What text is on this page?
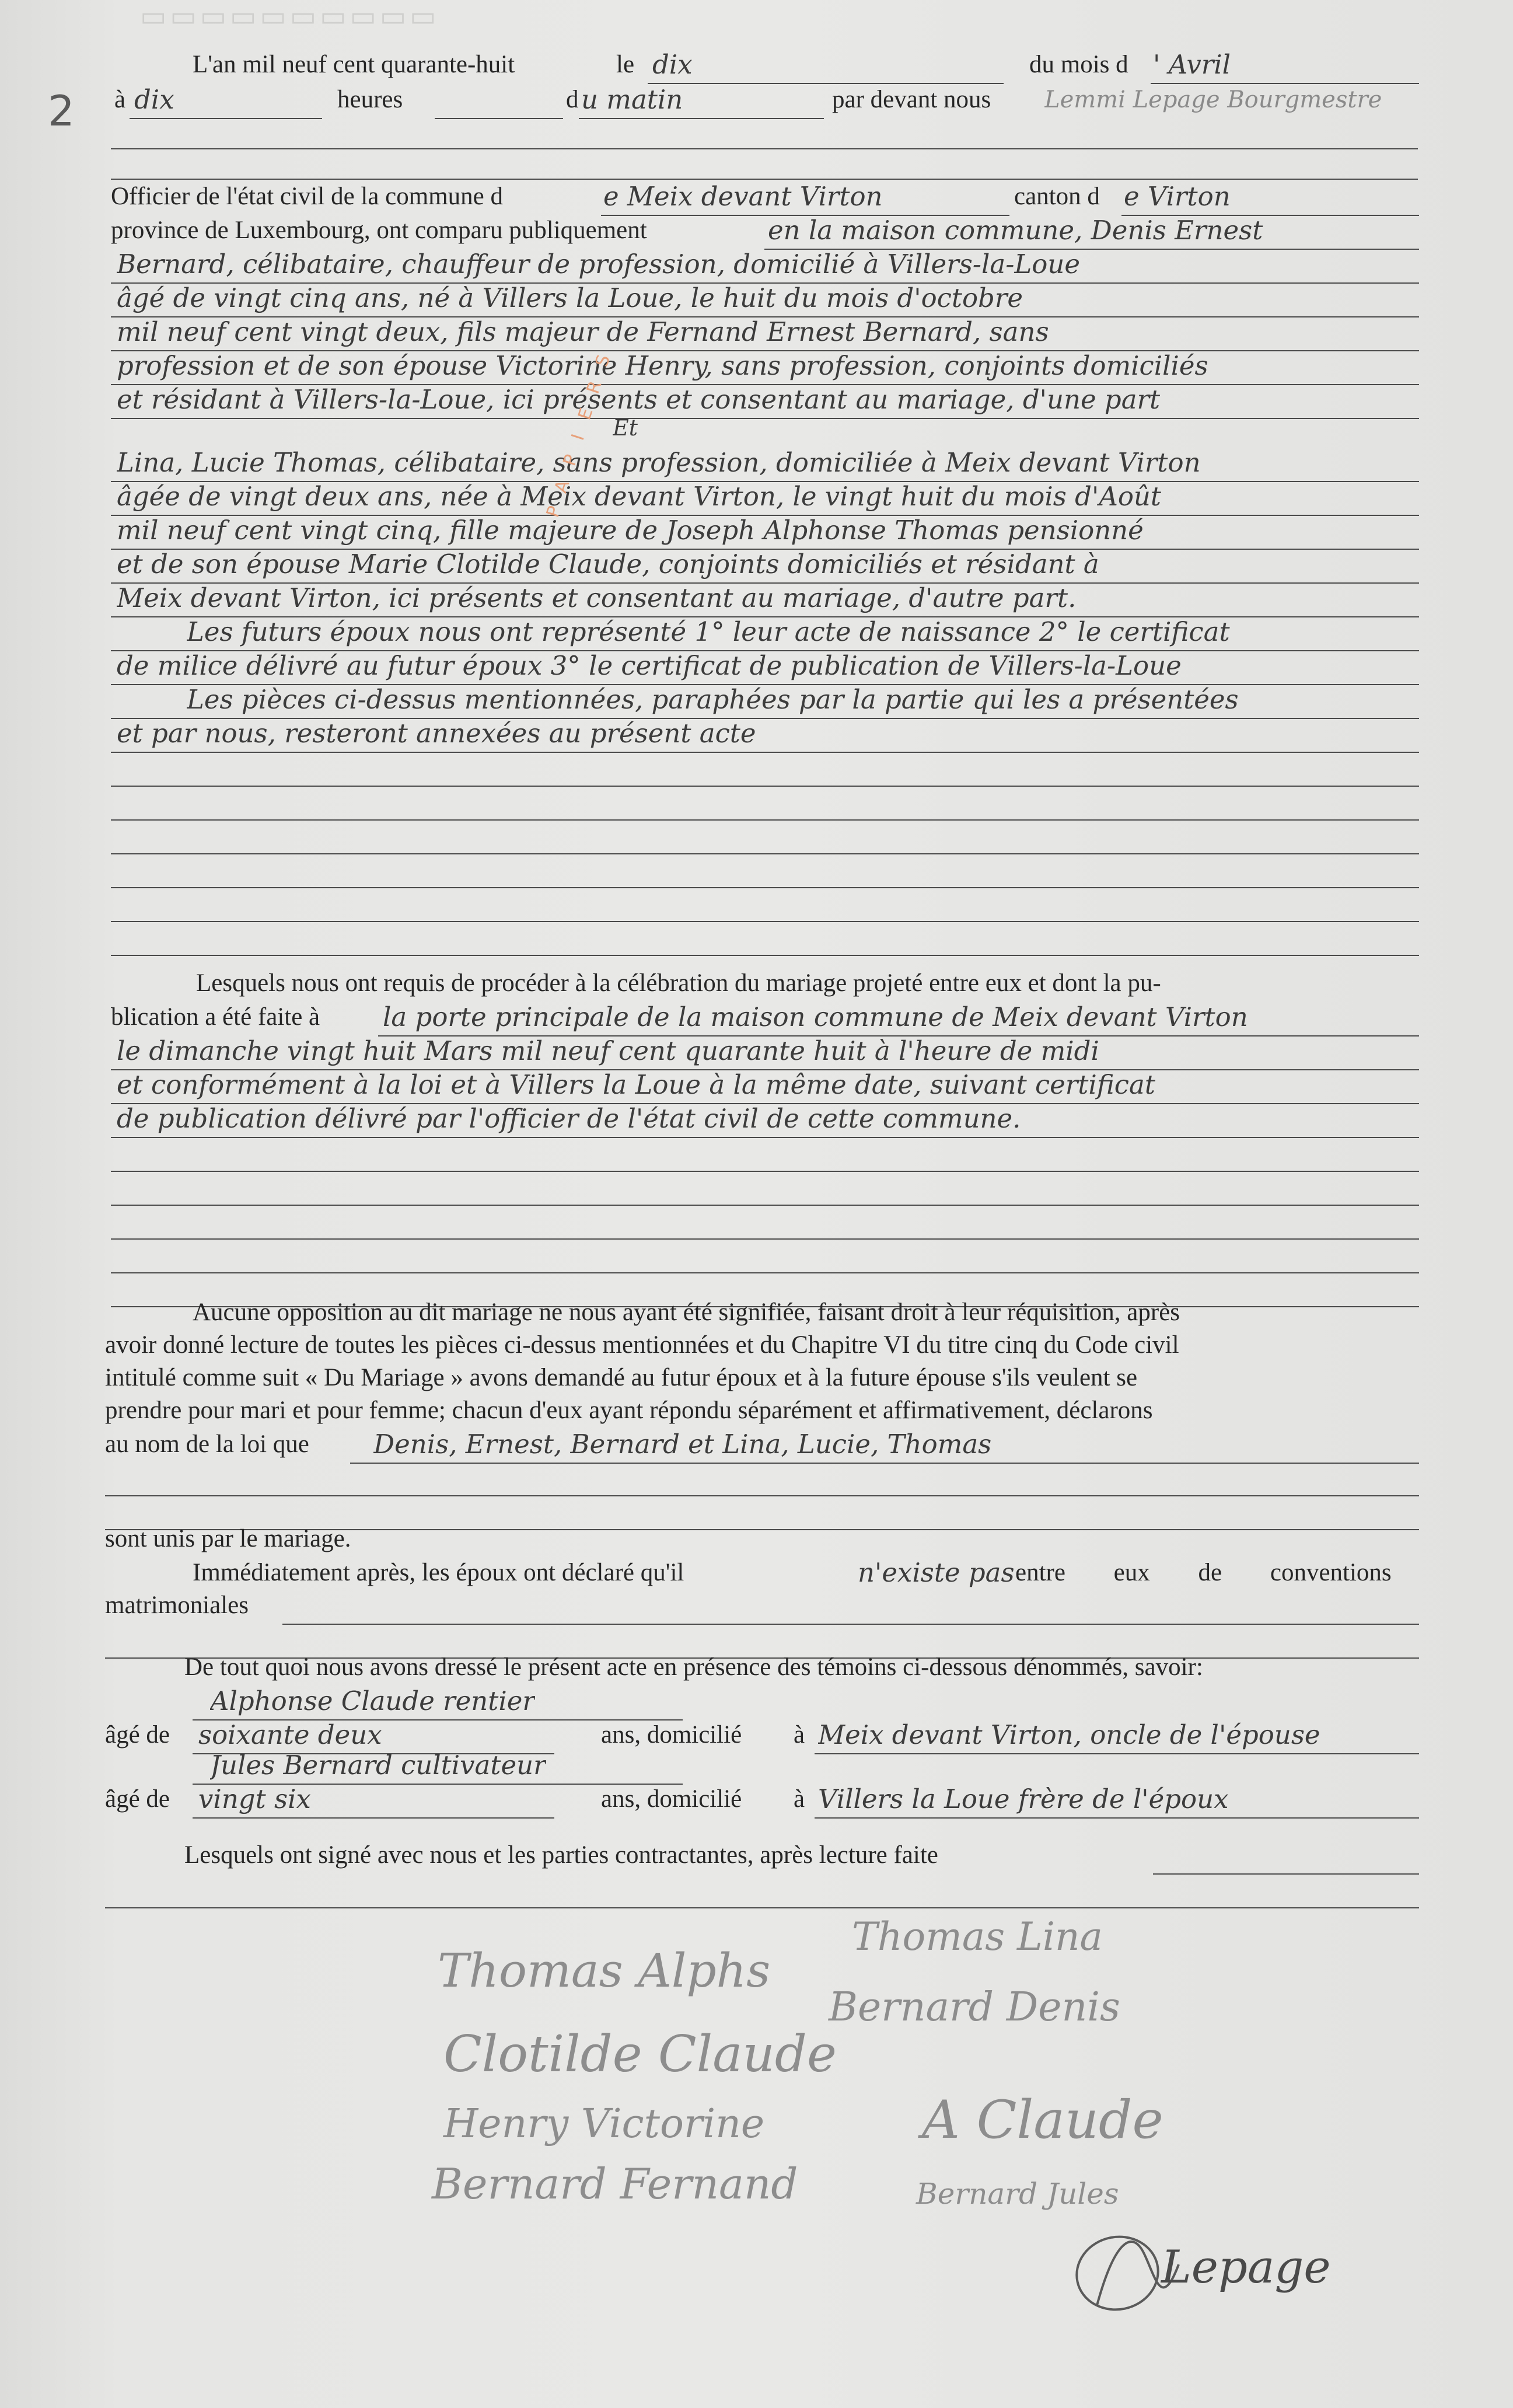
▭▭▭▭▭▭▭▭▭▭
2
L'an mil neuf cent quarante-huit	le dix	du mois d ' Avril
à dix	heures	d u matin	par devant nous Lemmi Lepage Bourgmestre
Officier de l'état civil de la commune d	e Meix devant Virton	canton d e Virton
province de Luxembourg, ont comparu publiquement	en la maison commune, Denis Ernest
Bernard, célibataire, chauffeur de profession, domicilié à Villers-la-Loue
âgé de vingt cinq ans, né à Villers la Loue, le huit du mois d'octobre
mil neuf cent vingt deux, fils majeur de Fernand Ernest Bernard, sans
profession et de son épouse Victorine Henry, sans profession, conjoints domiciliés
et résidant à Villers-la-Loue, ici présents et consentant au mariage, d'une part
Et
Lina, Lucie Thomas, célibataire, sans profession, domiciliée à Meix devant Virton
âgée de vingt deux ans, née à Meix devant Virton, le vingt huit du mois d'Août
mil neuf cent vingt cinq, fille majeure de Joseph Alphonse Thomas pensionné
et de son épouse Marie Clotilde Claude, conjoints domiciliés et résidant à
Meix devant Virton, ici présents et consentant au mariage, d'autre part.
Les futurs époux nous ont représenté 1° leur acte de naissance 2° le certificat
de milice délivré au futur époux 3° le certificat de publication de Villers-la-Loue
Les pièces ci-dessus mentionnées, paraphées par la partie qui les a présentées
et par nous, resteront annexées au présent acte
PAPIERS
Lesquels nous ont requis de procéder à la célébration du mariage projeté entre eux et dont la pu-
blication a été faite à la porte principale de la maison commune de Meix devant Virton
le dimanche vingt huit Mars mil neuf cent quarante huit à l'heure de midi
et conformément à la loi et à Villers la Loue à la même date, suivant certificat
de publication délivré par l'officier de l'état civil de cette commune.
Aucune opposition au dit mariage ne nous ayant été signifiée, faisant droit à leur réquisition, après
avoir donné lecture de toutes les pièces ci-dessus mentionnées et du Chapitre VI du titre cinq du Code civil
intitulé comme suit « Du Mariage » avons demandé au futur époux et à la future épouse s'ils veulent se
prendre pour mari et pour femme; chacun d'eux ayant répondu séparément et affirmativement, déclarons
au nom de la loi que Denis, Ernest, Bernard et Lina, Lucie, Thomas
sont unis par le mariage.
Immédiatement après, les époux ont déclaré qu'il	n'existe pas entre eux de conventions
matrimoniales
De tout quoi nous avons dressé le présent acte en présence des témoins ci-dessous dénommés, savoir:
Alphonse Claude rentier
âgé de soixante deux	ans, domicilié à Meix devant Virton, oncle de l'épouse
Jules Bernard cultivateur
âgé de vingt six	ans, domicilié à Villers la Loue frère de l'époux
Lesquels ont signé avec nous et les parties contractantes, après lecture faite
Thomas Alphs
Thomas Lina
Bernard Denis
Clotilde Claude
Henry Victorine	A Claude
Bernard Fernand	Bernard Jules
Lepage
